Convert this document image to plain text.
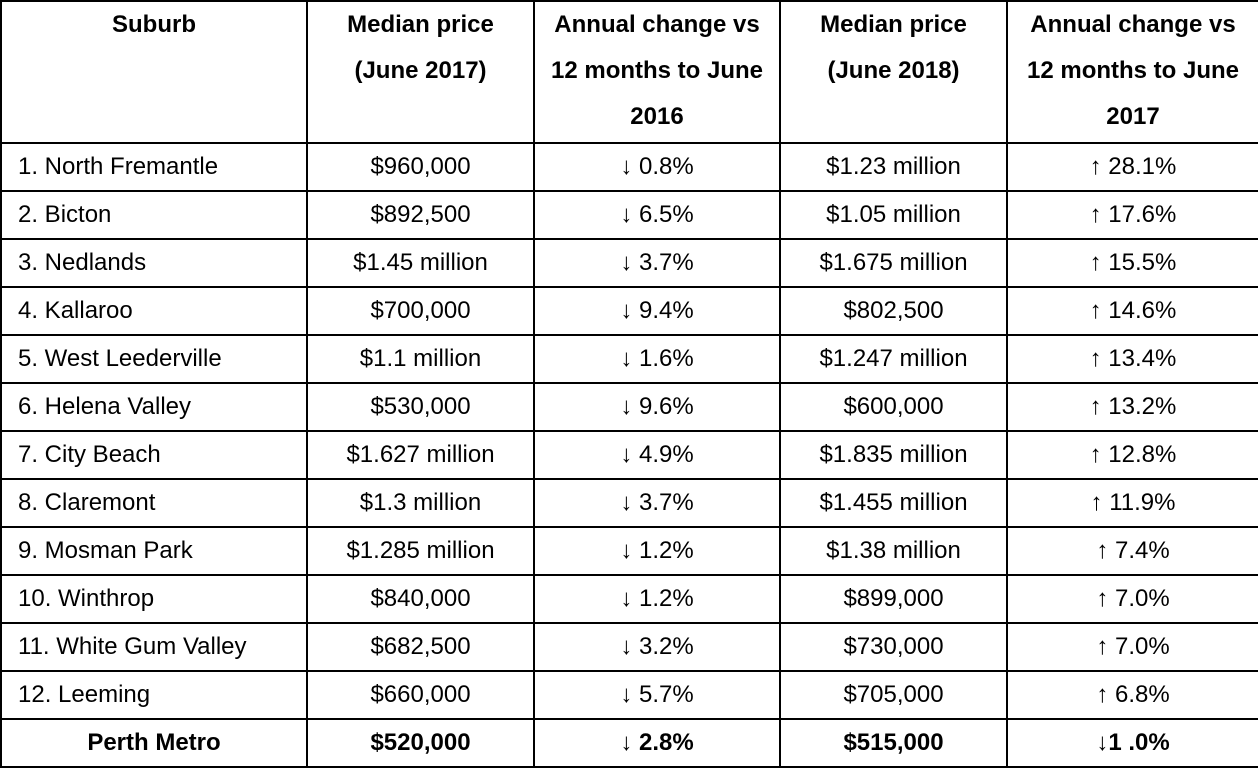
Suburb	Median price (June 2017)	Annual change vs 12 months to June 2016	Median price (June 2018)	Annual change vs 12 months to June 2017

1. North Fremantle	$960,000	↓ 0.8%	$1.23 million	↑ 28.1%
2. Bicton	$892,500	↓ 6.5%	$1.05 million	↑ 17.6%
3. Nedlands	$1.45 million	↓ 3.7%	$1.675 million	↑ 15.5%
4. Kallaroo	$700,000	↓ 9.4%	$802,500	↑ 14.6%
5. West Leederville	$1.1 million	↓ 1.6%	$1.247 million	↑ 13.4%
6. Helena Valley	$530,000	↓ 9.6%	$600,000	↑ 13.2%
7. City Beach	$1.627 million	↓ 4.9%	$1.835 million	↑ 12.8%
8. Claremont	$1.3 million	↓ 3.7%	$1.455 million	↑ 11.9%
9. Mosman Park	$1.285 million	↓ 1.2%	$1.38 million	↑ 7.4%
10. Winthrop	$840,000	↓ 1.2%	$899,000	↑ 7.0%
11. White Gum Valley	$682,500	↓ 3.2%	$730,000	↑ 7.0%
12. Leeming	$660,000	↓ 5.7%	$705,000	↑ 6.8%
Perth Metro	$520,000	↓ 2.8%	$515,000	↓1 .0%
